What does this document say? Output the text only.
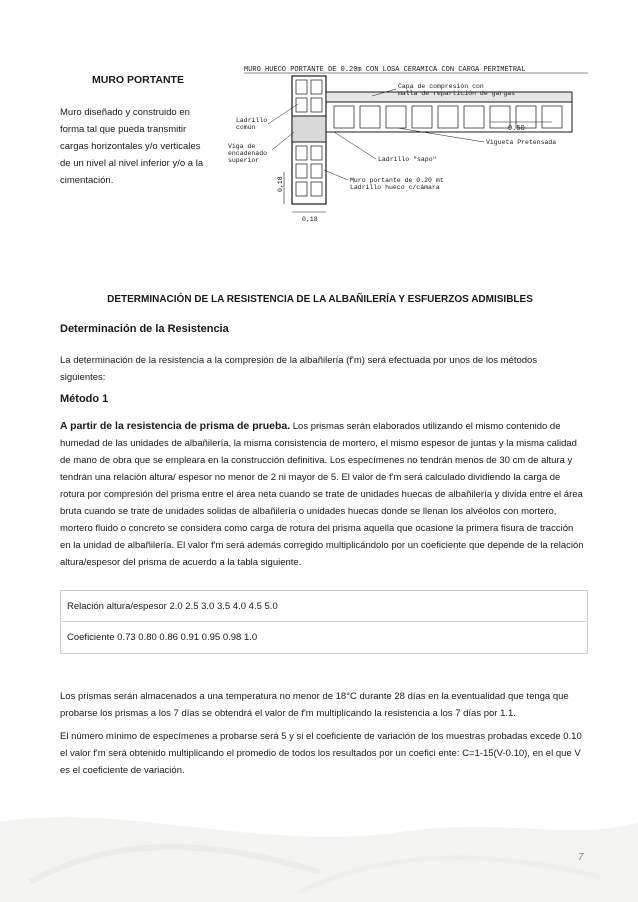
MURO PORTANTE
Muro diseñado y construido en forma tal que pueda transmitir cargas horizontales y/o verticales de un nivel al nivel inferior y/o a la cimentación.
MURO HUECO PORTANTE DE 0.20m CON LOSA CERAMICA CON CARGA PERIMETRAL
0.50
Ladrillo
común
Viga de
encadenado
superior
Capa de compresión con
malla de repartición de gargas
Vigueta Pretensada
Ladrillo "sapo"
Muro portante de 0.20 mt
Ladrillo hueco c/cámara
0,18
0,18
DETERMINACIÓN DE LA RESISTENCIA DE LA ALBAÑILERÍA Y ESFUERZOS ADMISIBLES
Determinación de la Resistencia
La determinación de la resistencia a la compresión de la albañilería (f'm) será efectuada por unos de los métodos siguientes:
Método 1
A partir de la resistencia de prisma de prueba. Los prismas serán elaborados utilizando el mismo contenido de humedad de las unidades de albañilería, la misma consistencia de mortero, el mismo espesor de juntas y la misma calidad de mano de obra que se empleara en la construcción definitiva. Los especímenes no tendrán menos de 30 cm de altura y tendrán una relación altura/ espesor no menor de 2 ni mayor de 5. El valor de f'm será calculado dividiendo la carga de rotura por compresión del prisma entre el área neta cuando se trate de unidades huecas de albañilería y divida entre el área bruta cuando se trate de unidades solidas de albañilería o unidades huecas donde se llenan los alvéolos con mortero, mortero fluido o concreto se considera como carga de rotura del prisma aquella que ocasione la primera fisura de tracción en la unidad de albañilería. El valor f'm será además corregido multiplicándolo por un coeficiente que depende de la relación altura/espesor del prisma de acuerdo a la tabla siguiente.
Relación altura/espesor 2.0 2.5 3.0 3.5 4.0 4.5 5.0
Coeficiente 0.73 0.80 0.86 0.91 0.95 0.98 1.0
Los prismas serán almacenados a una temperatura no menor de 18°C durante 28 días en la eventualidad que tenga que probarse los prismas a los 7 días se obtendrá el valor de f'm multiplicando la resistencia a los 7 días por 1.1.
El número mínimo de especímenes a probarse será 5 y si el coeficiente de variación de los muestras probadas excede 0.10 el valor f'm será obtenido multiplicando el promedio de todos los resultados por un coefici ente: C=1-15(V-0.10), en el que V es el coeficiente de variación.
7
